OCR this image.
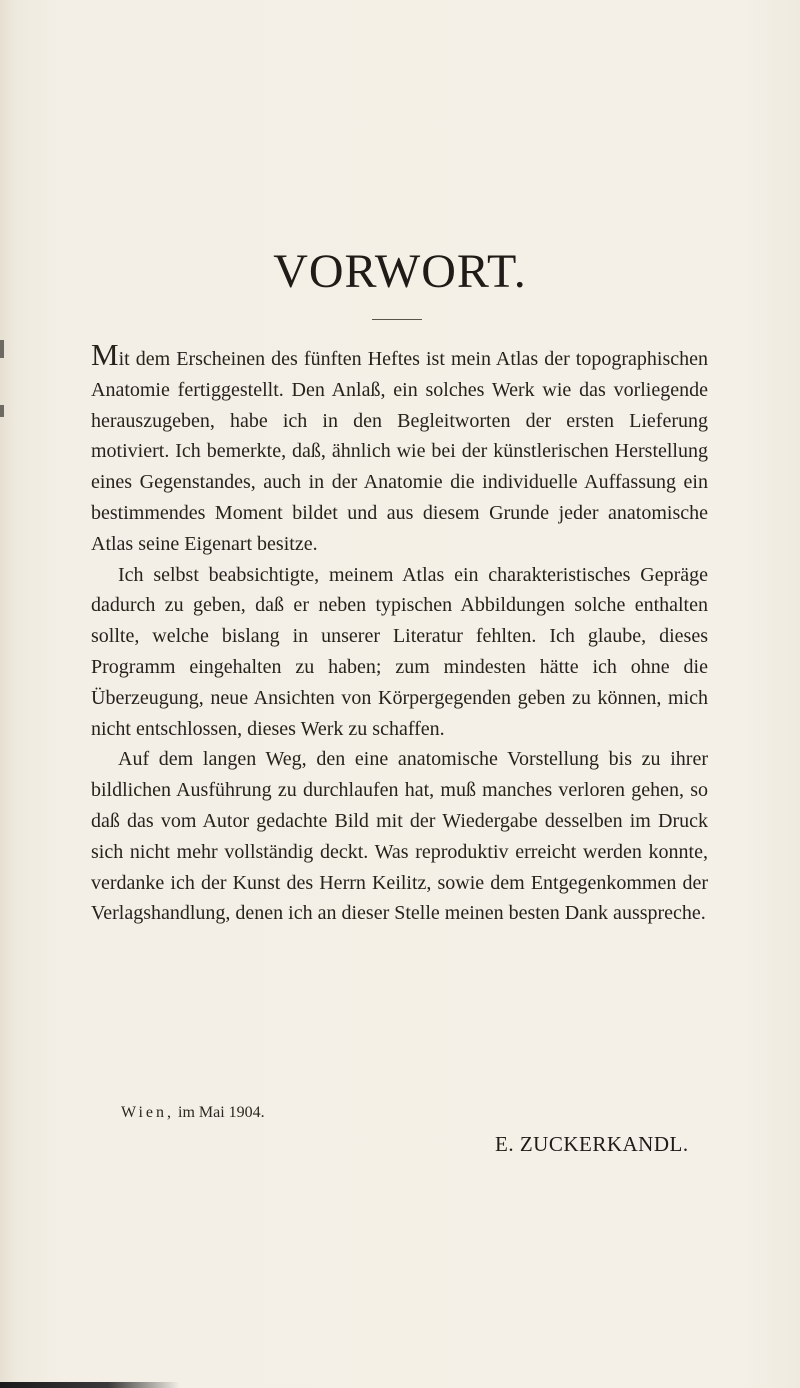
VORWORT.

Mit dem Erscheinen des fünften Heftes ist mein Atlas der topographischen Anatomie fertiggestellt. Den Anlaß, ein solches Werk wie das vorliegende herauszugeben, habe ich in den Begleitworten der ersten Lieferung motiviert. Ich bemerkte, daß, ähnlich wie bei der künstlerischen Herstellung eines Gegenstandes, auch in der Anatomie die individuelle Auffassung ein bestimmendes Moment bildet und aus diesem Grunde jeder anatomische Atlas seine Eigenart besitze.

Ich selbst beabsichtigte, meinem Atlas ein charakteristisches Gepräge dadurch zu geben, daß er neben typischen Abbildungen solche enthalten sollte, welche bislang in unserer Literatur fehlten. Ich glaube, dieses Programm eingehalten zu haben; zum mindesten hätte ich ohne die Überzeugung, neue Ansichten von Körpergegenden geben zu können, mich nicht entschlossen, dieses Werk zu schaffen.

Auf dem langen Weg, den eine anatomische Vorstellung bis zu ihrer bildlichen Ausführung zu durchlaufen hat, muß manches verloren gehen, so daß das vom Autor gedachte Bild mit der Wiedergabe desselben im Druck sich nicht mehr vollständig deckt. Was reproduktiv erreicht werden konnte, verdanke ich der Kunst des Herrn Keilitz, sowie dem Entgegenkommen der Verlagshandlung, denen ich an dieser Stelle meinen besten Dank ausspreche.

Wien, im Mai 1904.
E. ZUCKERKANDL.
